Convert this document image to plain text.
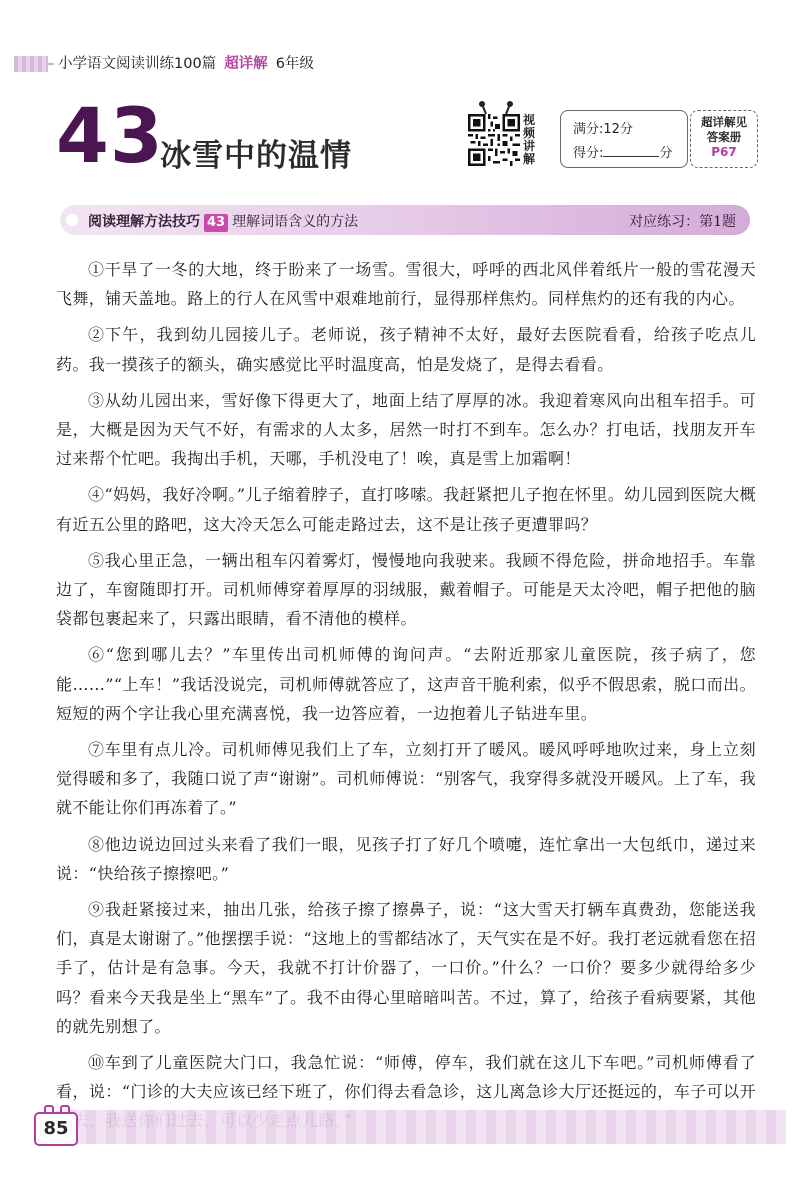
小学语文阅读训练100篇 超详解 6年级
43
冰雪中的温情
视频讲解
满分:12分
得分:	分
超详解见
答案册
P67
阅读理解方法技巧 43 理解词语含义的方法	对应练习：第1题

①干旱了一冬的大地，终于盼来了一场雪。雪很大，呼呼的西北风伴着纸片一般的雪花漫天飞舞，铺天盖地。路上的行人在风雪中艰难地前行，显得那样焦灼。同样焦灼的还有我的内心。

②下午，我到幼儿园接儿子。老师说，孩子精神不太好，最好去医院看看，给孩子吃点儿药。我一摸孩子的额头，确实感觉比平时温度高，怕是发烧了，是得去看看。

③从幼儿园出来，雪好像下得更大了，地面上结了厚厚的冰。我迎着寒风向出租车招手。可是，大概是因为天气不好，有需求的人太多，居然一时打不到车。怎么办？打电话，找朋友开车过来帮个忙吧。我掏出手机，天哪，手机没电了！唉，真是雪上加霜啊！

④“妈妈，我好冷啊。”儿子缩着脖子，直打哆嗦。我赶紧把儿子抱在怀里。幼儿园到医院大概有近五公里的路吧，这大冷天怎么可能走路过去，这不是让孩子更遭罪吗？

⑤我心里正急，一辆出租车闪着雾灯，慢慢地向我驶来。我顾不得危险，拼命地招手。车靠边了，车窗随即打开。司机师傅穿着厚厚的羽绒服，戴着帽子。可能是天太冷吧，帽子把他的脑袋都包裹起来了，只露出眼睛，看不清他的模样。

⑥“您到哪儿去？”车里传出司机师傅的询问声。“去附近那家儿童医院，孩子病了，您能……”“上车！”我话没说完，司机师傅就答应了，这声音干脆利索，似乎不假思索，脱口而出。短短的两个字让我心里充满喜悦，我一边答应着，一边抱着儿子钻进车里。

⑦车里有点儿冷。司机师傅见我们上了车，立刻打开了暖风。暖风呼呼地吹过来，身上立刻觉得暖和多了，我随口说了声“谢谢”。司机师傅说：“别客气，我穿得多就没开暖风。上了车，我就不能让你们再冻着了。”

⑧他边说边回过头来看了我们一眼，见孩子打了好几个喷嚏，连忙拿出一大包纸巾，递过来说：“快给孩子擦擦吧。”

⑨我赶紧接过来，抽出几张，给孩子擦了擦鼻子，说：“这大雪天打辆车真费劲，您能送我们，真是太谢谢了。”他摆摆手说：“这地上的雪都结冰了，天气实在是不好。我打老远就看您在招手了，估计是有急事。今天，我就不打计价器了，一口价。”什么？一口价？要多少就得给多少吗？看来今天我是坐上“黑车”了。我不由得心里暗暗叫苦。不过，算了，给孩子看病要紧，其他的就先别想了。

⑩车到了儿童医院大门口，我急忙说：“师傅，停车，我们就在这儿下车吧。”司机师傅看了看，说：“门诊的大夫应该已经下班了，你们得去看急诊，这儿离急诊大厅还挺远的，车子可以开

85
